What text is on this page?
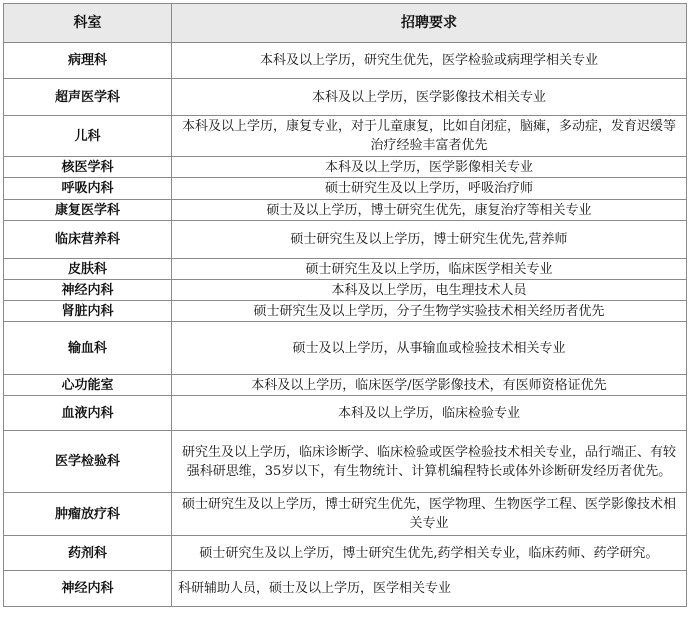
科室	招聘要求
病理科	本科及以上学历，研究生优先，医学检验或病理学相关专业
超声医学科	本科及以上学历，医学影像技术相关专业
儿科	本科及以上学历，康复专业，对于儿童康复，比如自闭症，脑瘫，多动症，发育迟缓等治疗经验丰富者优先
核医学科	本科及以上学历，医学影像相关专业
呼吸内科	硕士研究生及以上学历，呼吸治疗师
康复医学科	硕士及以上学历，博士研究生优先，康复治疗等相关专业
临床营养科	硕士研究生及以上学历，博士研究生优先,营养师
皮肤科	硕士研究生及以上学历，临床医学相关专业
神经内科	本科及以上学历，电生理技术人员
肾脏内科	硕士研究生及以上学历，分子生物学实验技术相关经历者优先
输血科	硕士及以上学历，从事输血或检验技术相关专业
心功能室	本科及以上学历，临床医学/医学影像技术，有医师资格证优先
血液内科	本科及以上学历，临床检验专业
医学检验科	研究生及以上学历，临床诊断学、临床检验或医学检验技术相关专业，品行端正、有较强科研思维，35岁以下，有生物统计、计算机编程特长或体外诊断研发经历者优先。
肿瘤放疗科	硕士研究生及以上学历，博士研究生优先，医学物理、生物医学工程、医学影像技术相关专业
药剂科	硕士研究生及以上学历，博士研究生优先,药学相关专业，临床药师、药学研究。
神经内科	科研辅助人员，硕士及以上学历，医学相关专业
